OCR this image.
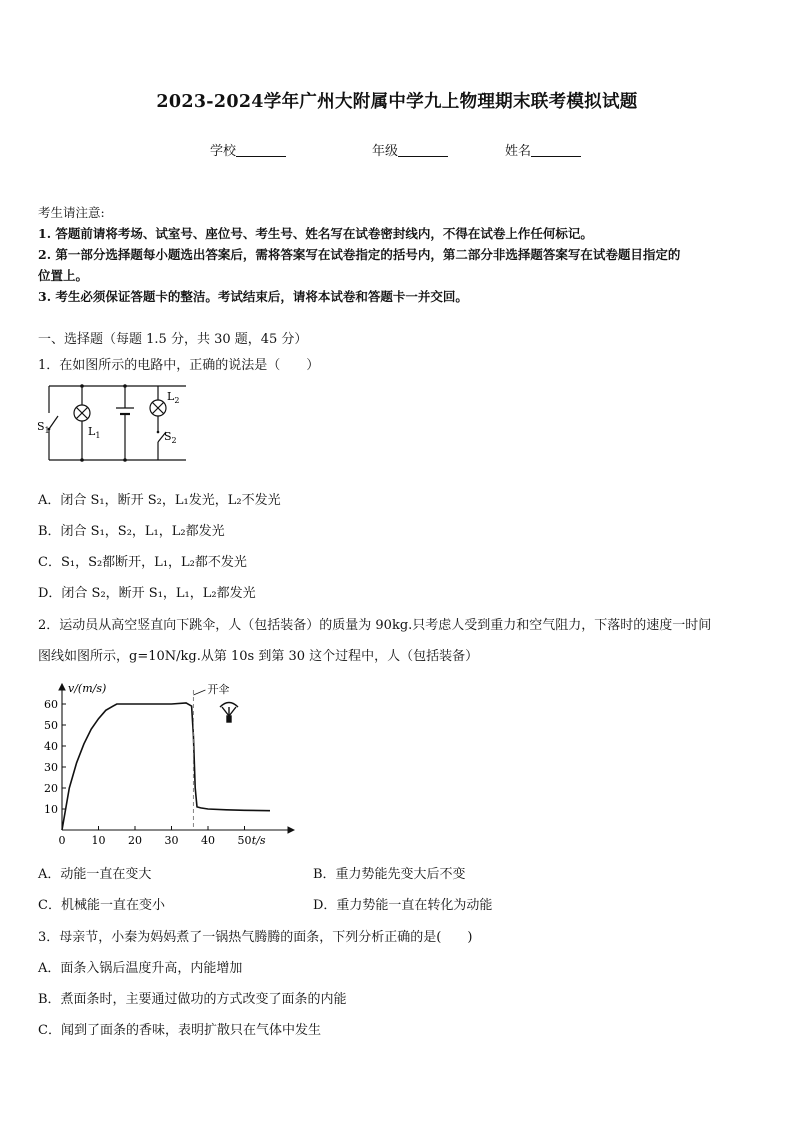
2023-2024学年广州大附属中学九上物理期末联考模拟试题
学校	年级	姓名
考生请注意:
1. 答题前请将考场、试室号、座位号、考生号、姓名写在试卷密封线内，不得在试卷上作任何标记。
2. 第一部分选择题每小题选出答案后，需将答案写在试卷指定的括号内，第二部分非选择题答案写在试卷题目指定的
位置上。
3. 考生必须保证答题卡的整洁。考试结束后，请将本试卷和答题卡一并交回。
一、选择题（每题 1.5 分，共 30 题，45 分）
1．在如图所示的电路中，正确的说法是（　　）
$S_1$	$L_1$
$L_2$
$S_2$
A．闭合 S₁，断开 S₂，L₁发光，L₂不发光
B．闭合 S₁，S₂，L₁，L₂都发光
C．S₁，S₂都断开，L₁，L₂都不发光
D．闭合 S₂，断开 S₁，L₁，L₂都发光
2．运动员从高空竖直向下跳伞，人（包括装备）的质量为 90kg.只考虑人受到重力和空气阻力，下落时的速度一时间
图线如图所示，g=10N/kg.从第 10s 到第 30 这个过程中，人（包括装备）
10
20
30
40
50
60
0 10 20 30 40 50
开伞
v/(m/s)
t/s
A．动能一直在变大	B．重力势能先变大后不变
C．机械能一直在变小	D．重力势能一直在转化为动能
3．母亲节，小秦为妈妈煮了一锅热气腾腾的面条，下列分析正确的是(　　)
A．面条入锅后温度升高，内能增加
B．煮面条时，主要通过做功的方式改变了面条的内能
C．闻到了面条的香味，表明扩散只在气体中发生
